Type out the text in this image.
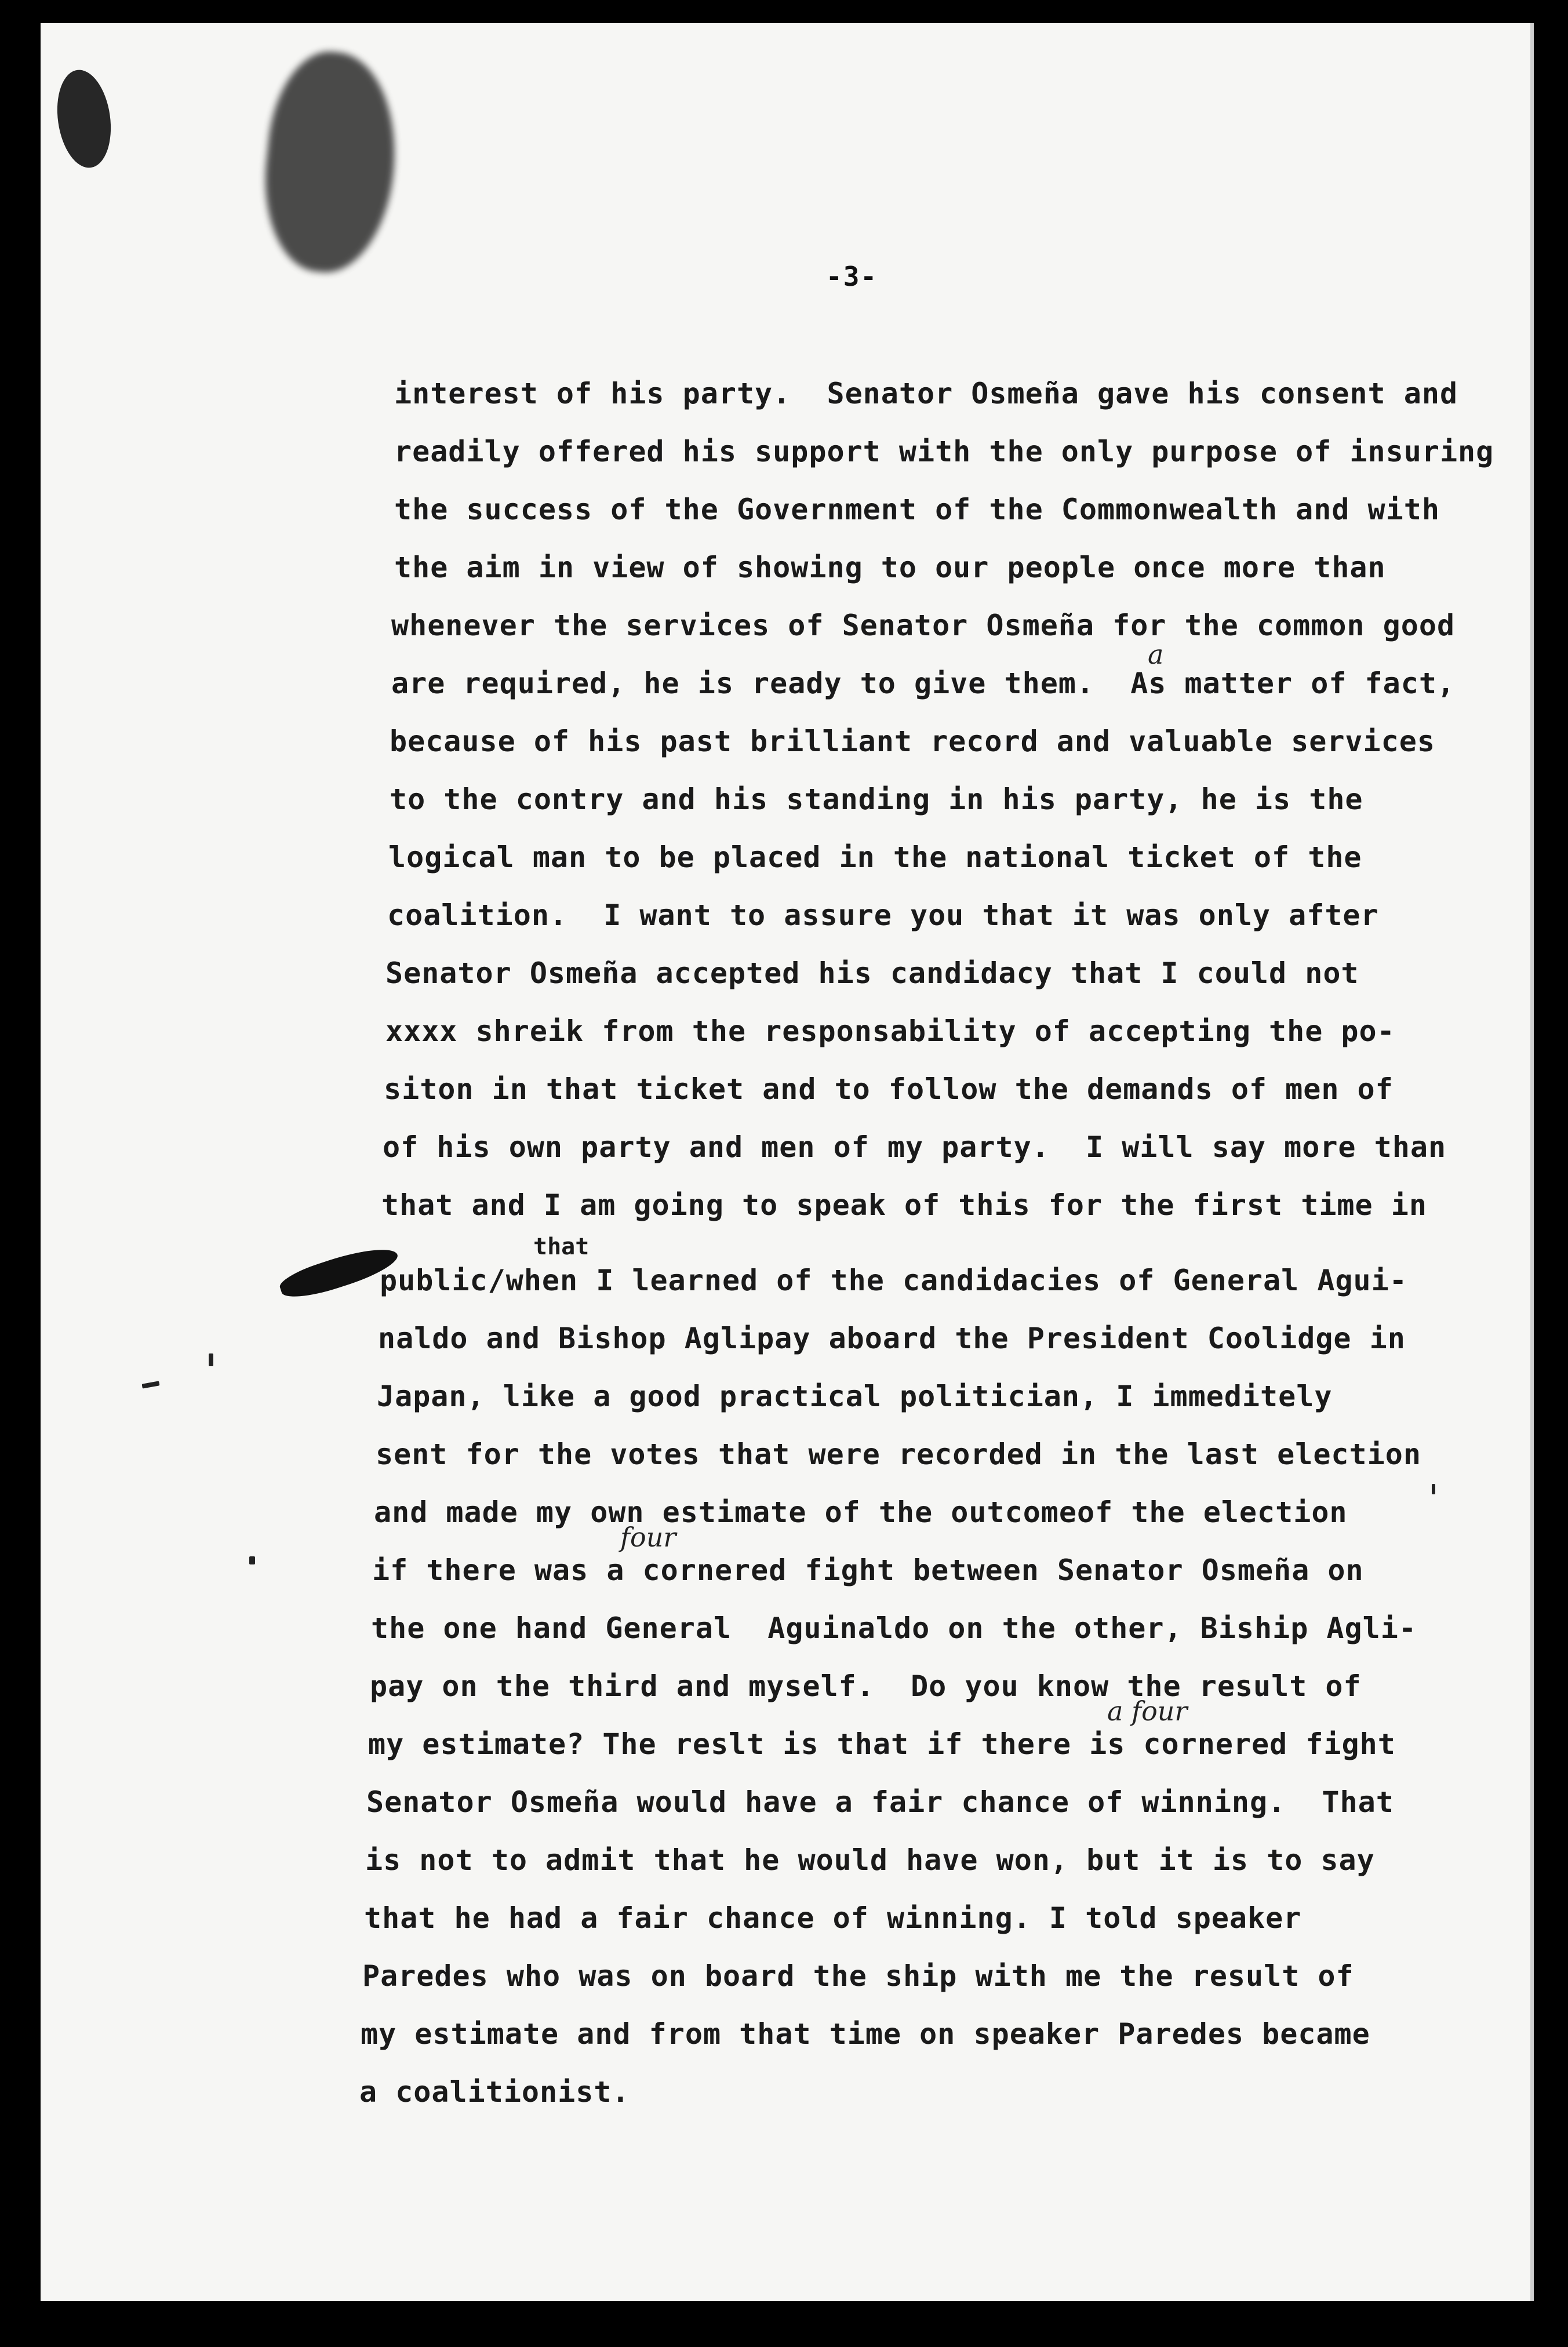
-3-
interest of his party.  Senator Osmeña gave his consent and
readily offered his support with the only purpose of insuring
the success of the Government of the Commonwealth and with
the aim in view of showing to our people once more than
whenever the services of Senator Osmeña for the common good
are required, he is ready to give them.  As matter of fact,
because of his past brilliant record and valuable services
to the contry and his standing in his party, he is the
logical man to be placed in the national ticket of the
coalition.  I want to assure you that it was only after
Senator Osmeña accepted his candidacy that I could not
xxxx shreik from the responsability of accepting the po-
siton in that ticket and to follow the demands of men of
of his own party and men of my party.  I will say more than
that and I am going to speak of this for the first time in
public/when I learned of the candidacies of General Agui-
naldo and Bishop Aglipay aboard the President Coolidge in
Japan, like a good practical politician, I immeditely
sent for the votes that were recorded in the last election
and made my own estimate of the outcomeof the election
if there was a cornered fight between Senator Osmeña on
the one hand General  Aguinaldo on the other, Biship Agli-
pay on the third and myself.  Do you know the result of
my estimate? The reslt is that if there is cornered fight
Senator Osmeña would have a fair chance of winning.  That
is not to admit that he would have won, but it is to say
that he had a fair chance of winning. I told speaker
Paredes who was on board the ship with me the result of
my estimate and from that time on speaker Paredes became
a coalitionist.
that
a
four
a four
